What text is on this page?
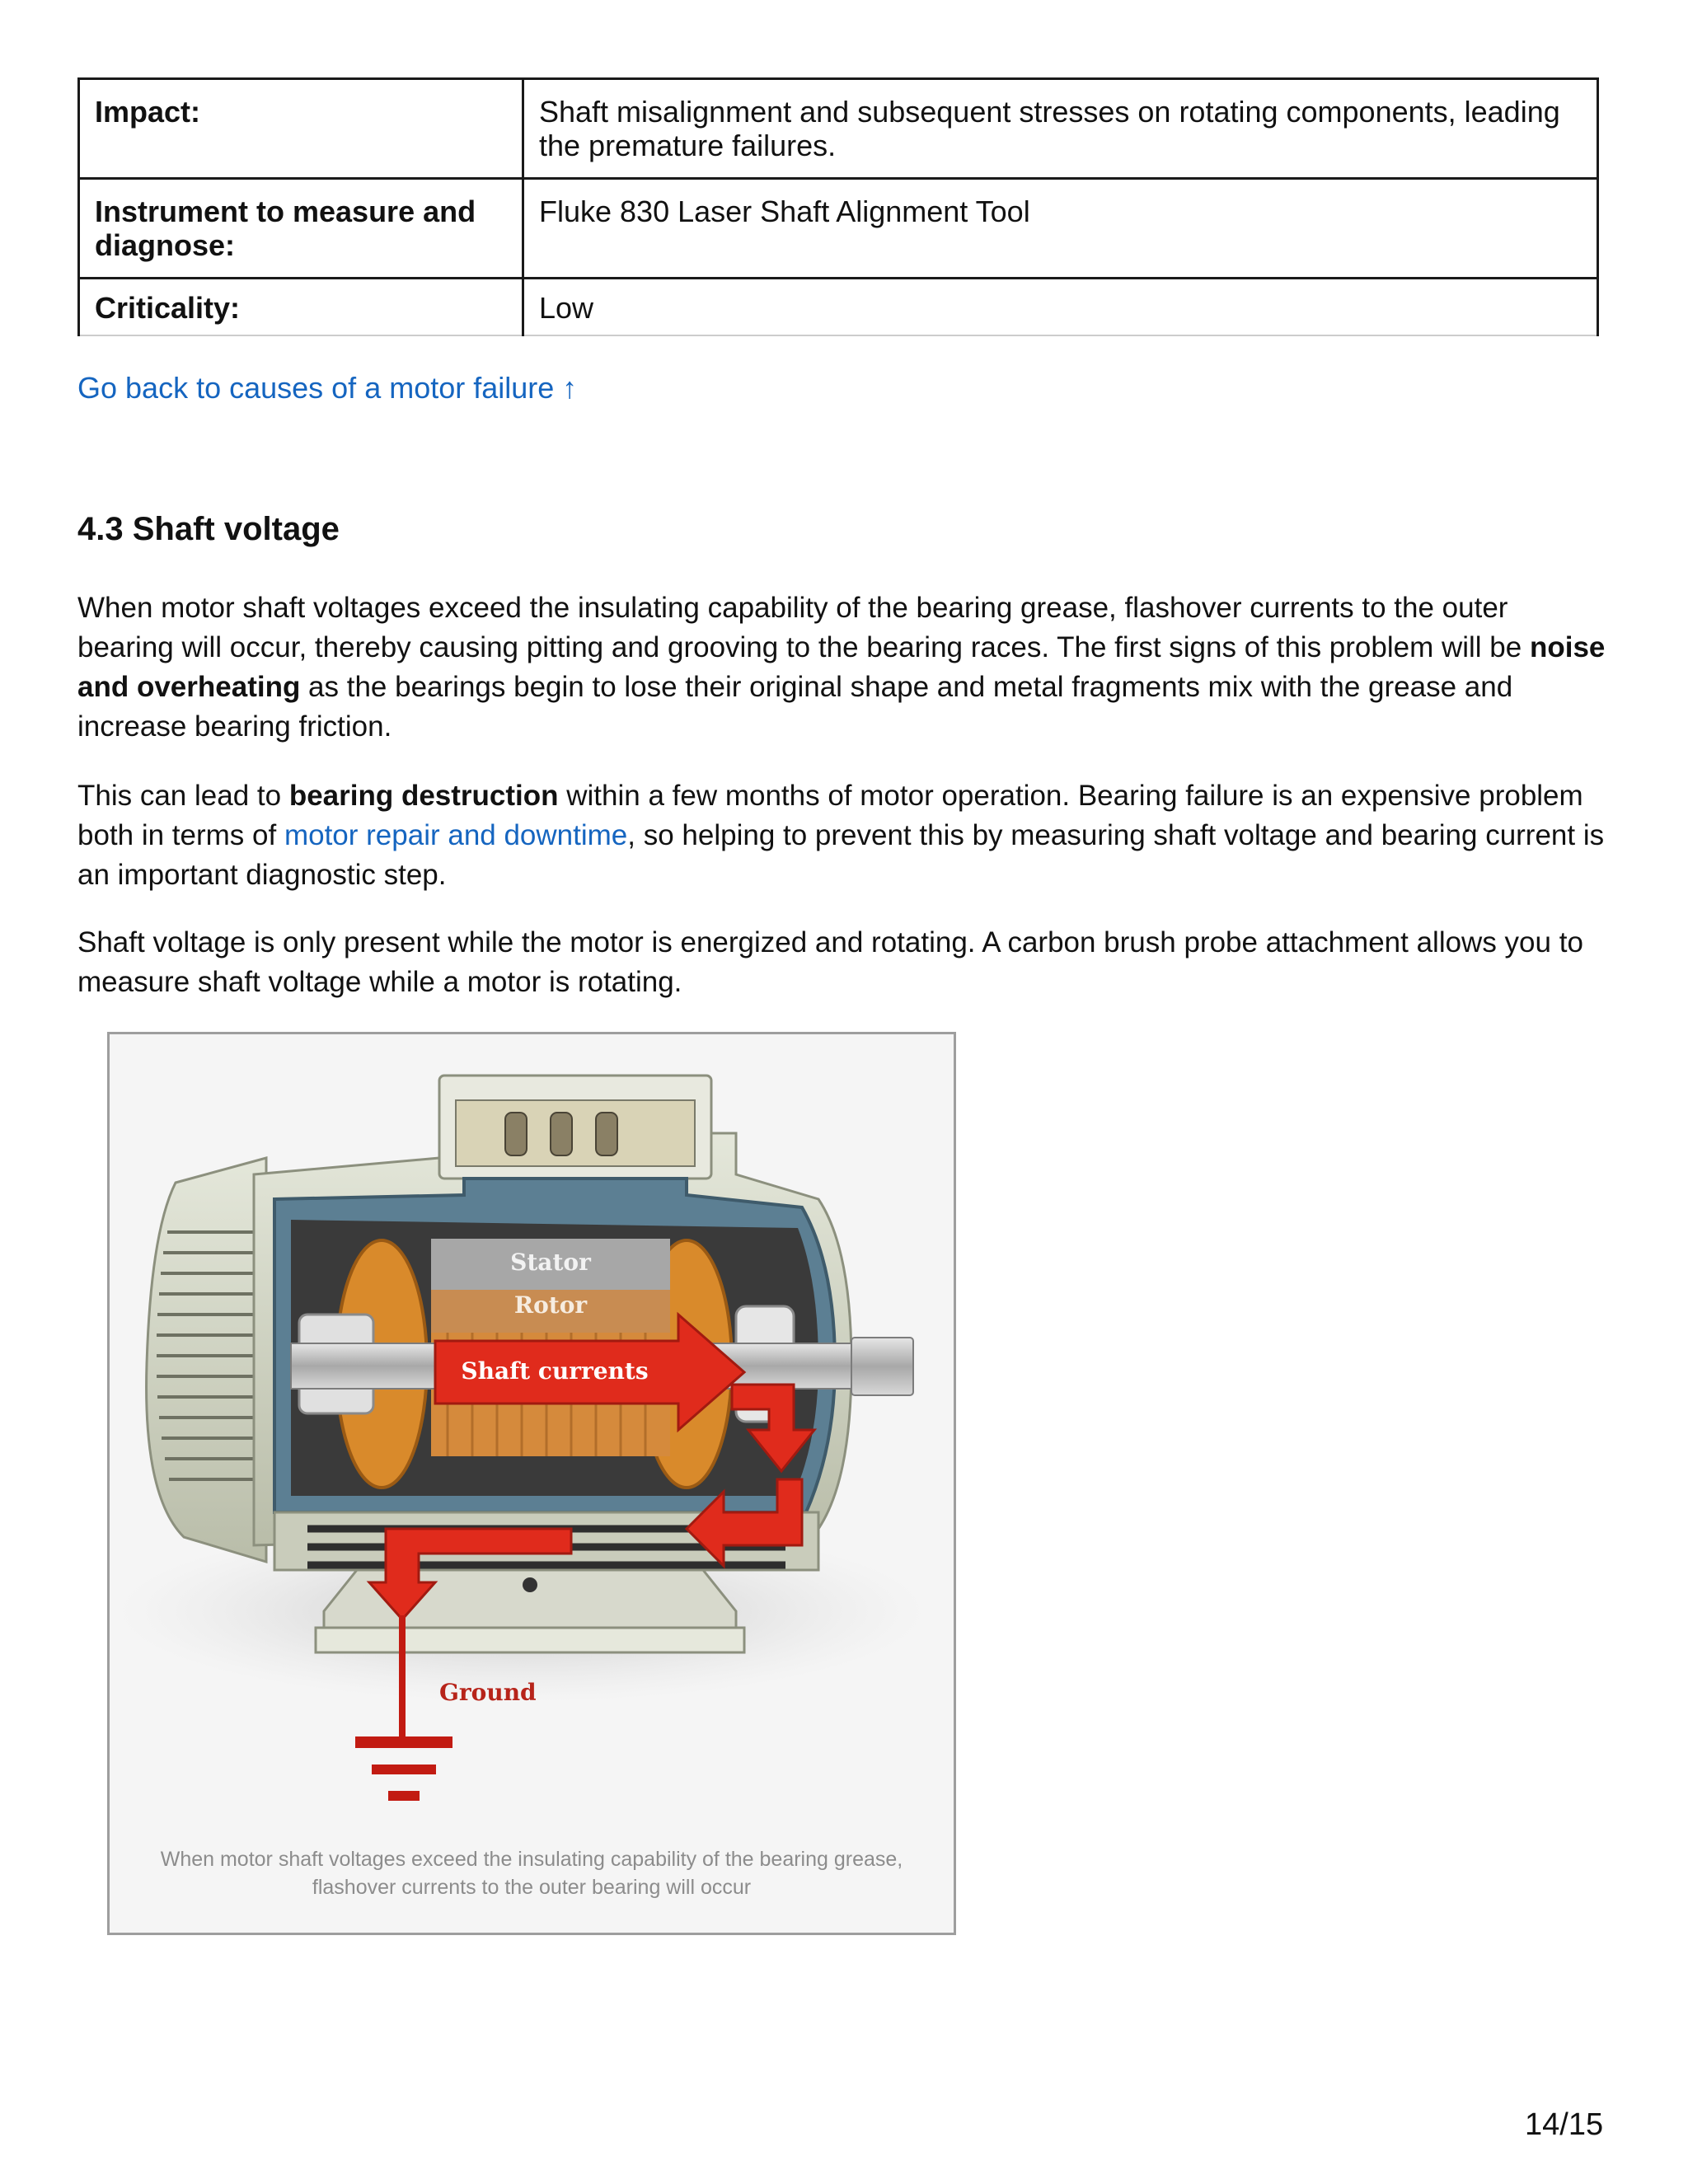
Impact:	Shaft misalignment and subsequent stresses on rotating components, leading the premature failures.
Instrument to measure and diagnose:	Fluke 830 Laser Shaft Alignment Tool
Criticality:	Low
Go back to causes of a motor failure ↑
4.3 Shaft voltage

When motor shaft voltages exceed the insulating capability of the bearing grease, flashover currents to the outer bearing will occur, thereby causing pitting and grooving to the bearing races. The first signs of this problem will be noise and overheating as the bearings begin to lose their original shape and metal fragments mix with the grease and increase bearing friction.

This can lead to bearing destruction within a few months of motor operation. Bearing failure is an expensive problem both in terms of motor repair and downtime, so helping to prevent this by measuring shaft voltage and bearing current is an important diagnostic step.

Shaft voltage is only present while the motor is energized and rotating. A carbon brush probe attachment allows you to measure shaft voltage while a motor is rotating.

Stator
Rotor
Shaft currents
Ground
When motor shaft voltages exceed the insulating capability of the bearing grease, flashover currents to the outer bearing will occur
14/15
